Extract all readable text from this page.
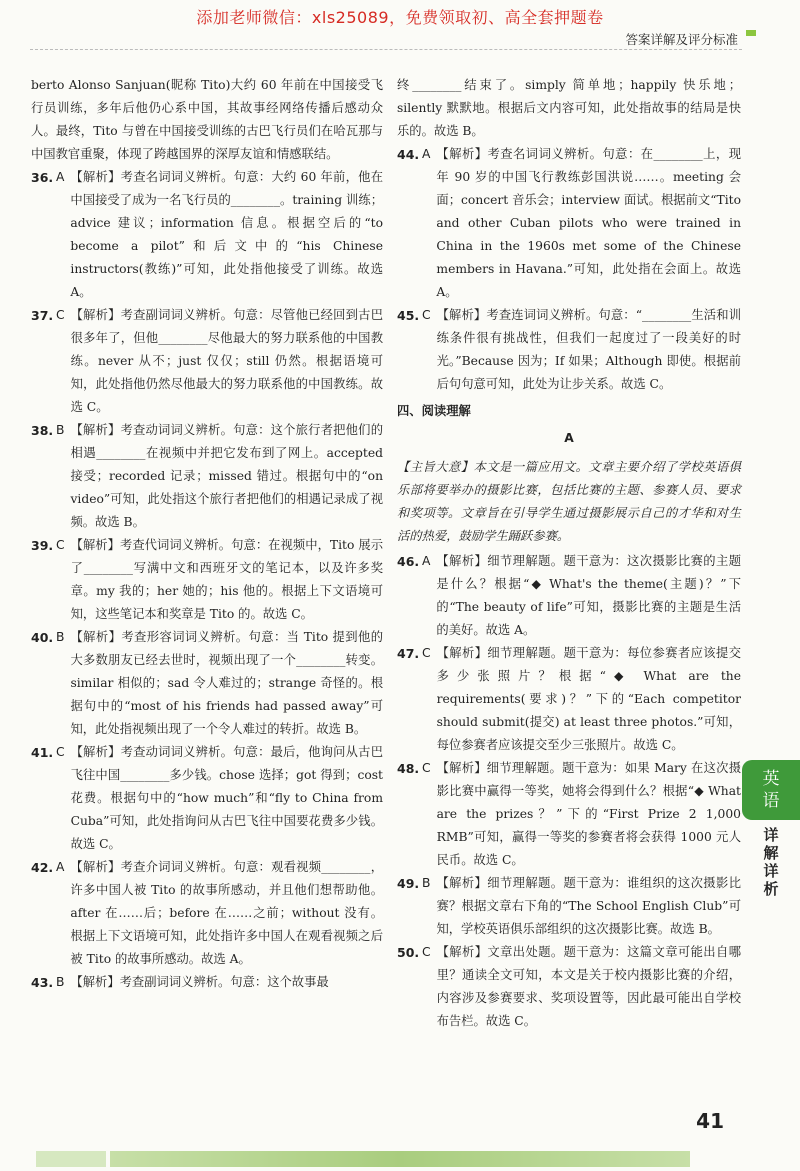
添加老师微信：xls25089，免费领取初、高全套押题卷
答案详解及评分标准

berto Alonso Sanjuan(昵称 Tito)大约 60 年前在中国接受飞行员训练，多年后他仍心系中国，其故事经网络传播后感动众人。最终，Tito 与曾在中国接受训练的古巴飞行员们在哈瓦那与中国教官重聚，体现了跨越国界的深厚友谊和情感联结。

36. A 【解析】考查名词词义辨析。句意：大约 60 年前，他在中国接受了成为一名飞行员的________。training 训练；advice 建议；information 信息。根据空后的“to become a pilot”和后文中的“his Chinese instructors(教练)”可知，此处指他接受了训练。故选 A。
37. C 【解析】考查副词词义辨析。句意：尽管他已经回到古巴很多年了，但他________尽他最大的努力联系他的中国教练。never 从不；just 仅仅；still 仍然。根据语境可知，此处指他仍然尽他最大的努力联系他的中国教练。故选 C。
38. B 【解析】考查动词词义辨析。句意：这个旅行者把他们的相遇________在视频中并把它发布到了网上。accepted 接受；recorded 记录；missed 错过。根据句中的“on video”可知，此处指这个旅行者把他们的相遇记录成了视频。故选 B。
39. C 【解析】考查代词词义辨析。句意：在视频中，Tito 展示了________写满中文和西班牙文的笔记本，以及许多奖章。my 我的；her 她的；his 他的。根据上下文语境可知，这些笔记本和奖章是 Tito 的。故选 C。
40. B 【解析】考查形容词词义辨析。句意：当 Tito 提到他的大多数朋友已经去世时，视频出现了一个________转变。similar 相似的；sad 令人难过的；strange 奇怪的。根据句中的“most of his friends had passed away”可知，此处指视频出现了一个令人难过的转折。故选 B。
41. C 【解析】考查动词词义辨析。句意：最后，他询问从古巴飞往中国________多少钱。chose 选择；got 得到；cost 花费。根据句中的“how much”和“fly to China from Cuba”可知，此处指询问从古巴飞往中国要花费多少钱。故选 C。
42. A 【解析】考查介词词义辨析。句意：观看视频________，许多中国人被 Tito 的故事所感动，并且他们想帮助他。after 在……后；before 在……之前；without 没有。根据上下文语境可知，此处指许多中国人在观看视频之后被 Tito 的故事所感动。故选 A。
43. B 【解析】考查副词词义辨析。句意：这个故事最

终________结束了。simply 简单地；happily 快乐地；silently 默默地。根据后文内容可知，此处指故事的结局是快乐的。故选 B。

44. A 【解析】考查名词词义辨析。句意：在________上，现年 90 岁的中国飞行教练彭国洪说……。meeting 会面；concert 音乐会；interview 面试。根据前文“Tito and other Cuban pilots who were trained in China in the 1960s met some of the Chinese members in Havana.”可知，此处指在会面上。故选 A。
45. C 【解析】考查连词词义辨析。句意：“________生活和训练条件很有挑战性，但我们一起度过了一段美好的时光。”Because 因为；If 如果；Although 即使。根据前后句句意可知，此处为让步关系。故选 C。
四、阅读理解
A

【主旨大意】本文是一篇应用文。文章主要介绍了学校英语俱乐部将要举办的摄影比赛，包括比赛的主题、参赛人员、要求和奖项等。文章旨在引导学生通过摄影展示自己的才华和对生活的热爱，鼓励学生踊跃参赛。

46. A 【解析】细节理解题。题干意为：这次摄影比赛的主题是什么？根据“◆ What's the theme(主题)？”下的“The beauty of life”可知，摄影比赛的主题是生活的美好。故选 A。
47. C 【解析】细节理解题。题干意为：每位参赛者应该提交多少张照片？根据“◆ What are the requirements(要求)？”下的“Each competitor should submit(提交) at least three photos.”可知，每位参赛者应该提交至少三张照片。故选 C。
48. C 【解析】细节理解题。题干意为：如果 Mary 在这次摄影比赛中赢得一等奖，她将会得到什么？根据“◆ What are the prizes？”下的“First Prize 2 1,000 RMB”可知，赢得一等奖的参赛者将会获得 1000 元人民币。故选 C。
49. B 【解析】细节理解题。题干意为：谁组织的这次摄影比赛？根据文章右下角的“The School English Club”可知，学校英语俱乐部组织的这次摄影比赛。故选 B。
50. C 【解析】文章出处题。题干意为：这篇文章可能出自哪里？通读全文可知，本文是关于校内摄影比赛的介绍，内容涉及参赛要求、奖项设置等，因此最可能出自学校布告栏。故选 C。
英
语
详
解
详
析
41
